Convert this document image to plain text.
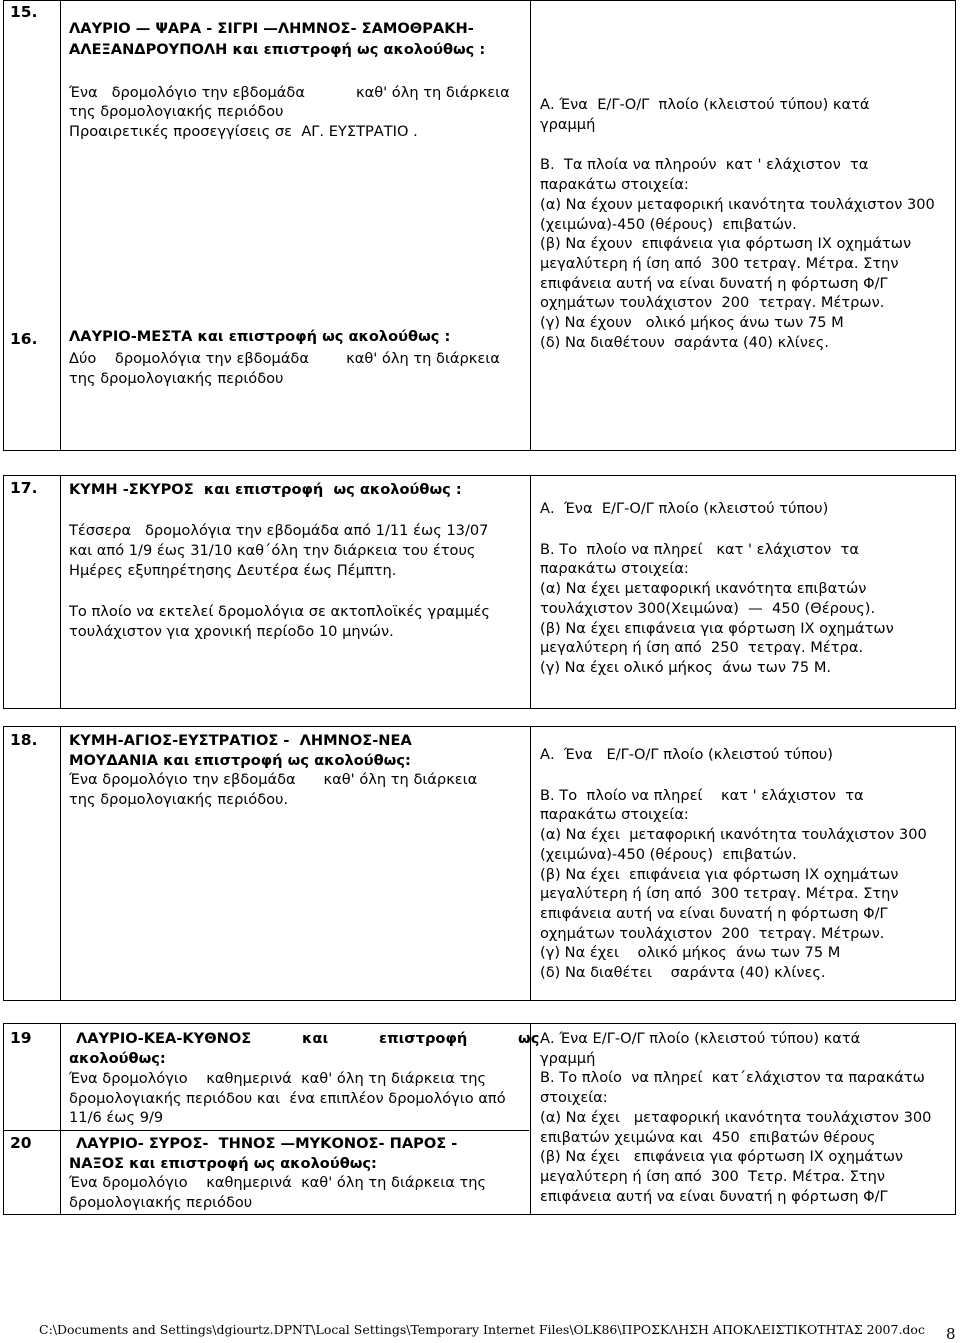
15.
ΛΑΥΡΙΟ — ΨΑΡΑ - ΣΙΓΡΙ —ΛΗΜΝΟΣ- ΣΑΜΟΘΡΑΚΗ-
ΑΛΕΞΑΝΔΡΟΥΠΟΛΗ και επιστροφή ως ακολούθως :
Ένα   δρομολόγιο την εβδομάδα           καθ' όλη τη διάρκεια
της δρομολογιακής περιόδου
Προαιρετικές προσεγγίσεις σε  ΑΓ. ΕΥΣΤΡΑΤΙΟ .
16. ΛΑΥΡΙΟ-ΜΕΣΤΑ και επιστροφή ως ακολούθως :
Δύο    δρομολόγια την εβδομάδα        καθ' όλη τη διάρκεια
της δρομολογιακής περιόδου
Α. Ένα  Ε/Γ-Ο/Γ  πλοίο (κλειστού τύπου) κατά
γραμμή
Β.  Τα πλοία να πληρούν  κατ ' ελάχιστον  τα
παρακάτω στοιχεία:
(α) Να έχουν μεταφορική ικανότητα τουλάχιστον 300
(χειμώνα)-450 (θέρους)  επιβατών.
(β) Να έχουν  επιφάνεια για φόρτωση ΙΧ οχημάτων
μεγαλύτερη ή ίση από  300 τετραγ. Μέτρα. Στην
επιφάνεια αυτή να είναι δυνατή η φόρτωση Φ/Γ
οχημάτων τουλάχιστον  200  τετραγ. Μέτρων.
(γ) Να έχουν   ολικό μήκος άνω των 75 Μ
(δ) Να διαθέτουν  σαράντα (40) κλίνες.
17. ΚΥΜΗ -ΣΚΥΡΟΣ  και επιστροφή  ως ακολούθως :
Τέσσερα   δρομολόγια την εβδομάδα από 1/11 έως 13/07
και από 1/9 έως 31/10 καθ΄όλη την διάρκεια του έτους
Ημέρες εξυπηρέτησης Δευτέρα έως Πέμπτη.
Το πλοίο να εκτελεί δρομολόγια σε ακτοπλοϊκές γραμμές
τουλάχιστον για χρονική περίοδο 10 μηνών.
Α.  Ένα  Ε/Γ-Ο/Γ πλοίο (κλειστού τύπου)
Β. Το  πλοίο να πληρεί   κατ ' ελάχιστον  τα
παρακάτω στοιχεία:
(α) Να έχει μεταφορική ικανότητα επιβατών
τουλάχιστον 300(Χειμώνα)  —  450 (Θέρους).
(β) Να έχει επιφάνεια για φόρτωση ΙΧ οχημάτων
μεγαλύτερη ή ίση από  250  τετραγ. Μέτρα.
(γ) Να έχει ολικό μήκος  άνω των 75 Μ.
18. ΚΥΜΗ-ΑΓΙΟΣ-ΕΥΣΤΡΑΤΙΟΣ -  ΛΗΜΝΟΣ-ΝΕΑ
ΜΟΥΔΑΝΙΑ και επιστροφή ως ακολούθως:
Ένα δρομολόγιο την εβδομάδα      καθ' όλη τη διάρκεια
της δρομολογιακής περιόδου.
Α.  Ένα   Ε/Γ-Ο/Γ πλοίο (κλειστού τύπου)
Β. Το  πλοίο να πληρεί    κατ ' ελάχιστον  τα
παρακάτω στοιχεία:
(α) Να έχει  μεταφορική ικανότητα τουλάχιστον 300
(χειμώνα)-450 (θέρους)  επιβατών.
(β) Να έχει  επιφάνεια για φόρτωση ΙΧ οχημάτων
μεγαλύτερη ή ίση από  300 τετραγ. Μέτρα. Στην
επιφάνεια αυτή να είναι δυνατή η φόρτωση Φ/Γ
οχημάτων τουλάχιστον  200  τετραγ. Μέτρων.
(γ) Να έχει    ολικό μήκος  άνω των 75 Μ
(δ) Να διαθέτει    σαράντα (40) κλίνες.
19	ΛΑΥΡΙΟ-ΚΕΑ-ΚΥΘΝΟΣ          και          επιστροφή          ως
ακολούθως:
Ένα δρομολόγιο    καθημερινά  καθ' όλη τη διάρκεια της
δρομολογιακής περιόδου και  ένα επιπλέον δρομολόγιο από
11/6 έως 9/9
20	ΛΑΥΡΙΟ- ΣΥΡΟΣ-  ΤΗΝΟΣ —ΜΥΚΟΝΟΣ- ΠΑΡΟΣ -
ΝΑΞΟΣ και επιστροφή ως ακολούθως:
Ένα δρομολόγιο    καθημερινά  καθ' όλη τη διάρκεια της
δρομολογιακής περιόδου
Α. Ένα Ε/Γ-Ο/Γ πλοίο (κλειστού τύπου) κατά
γραμμή
Β. Το πλοίο  να πληρεί  κατ΄ελάχιστον τα παρακάτω
στοιχεία:
(α) Να έχει   μεταφορική ικανότητα τουλάχιστον 300
επιβατών χειμώνα και  450  επιβατών θέρους
(β) Να έχει   επιφάνεια για φόρτωση ΙΧ οχημάτων
μεγαλύτερη ή ίση από  300  Τετρ. Μέτρα. Στην
επιφάνεια αυτή να είναι δυνατή η φόρτωση Φ/Γ
C:\Documents and Settings\dgiourtz.DPNT\Local Settings\Temporary Internet Files\OLK86\ΠΡΟΣΚΛΗΣΗ ΑΠΟΚΛΕΙΣΤΙΚΟΤΗΤΑΣ 2007.doc 8
